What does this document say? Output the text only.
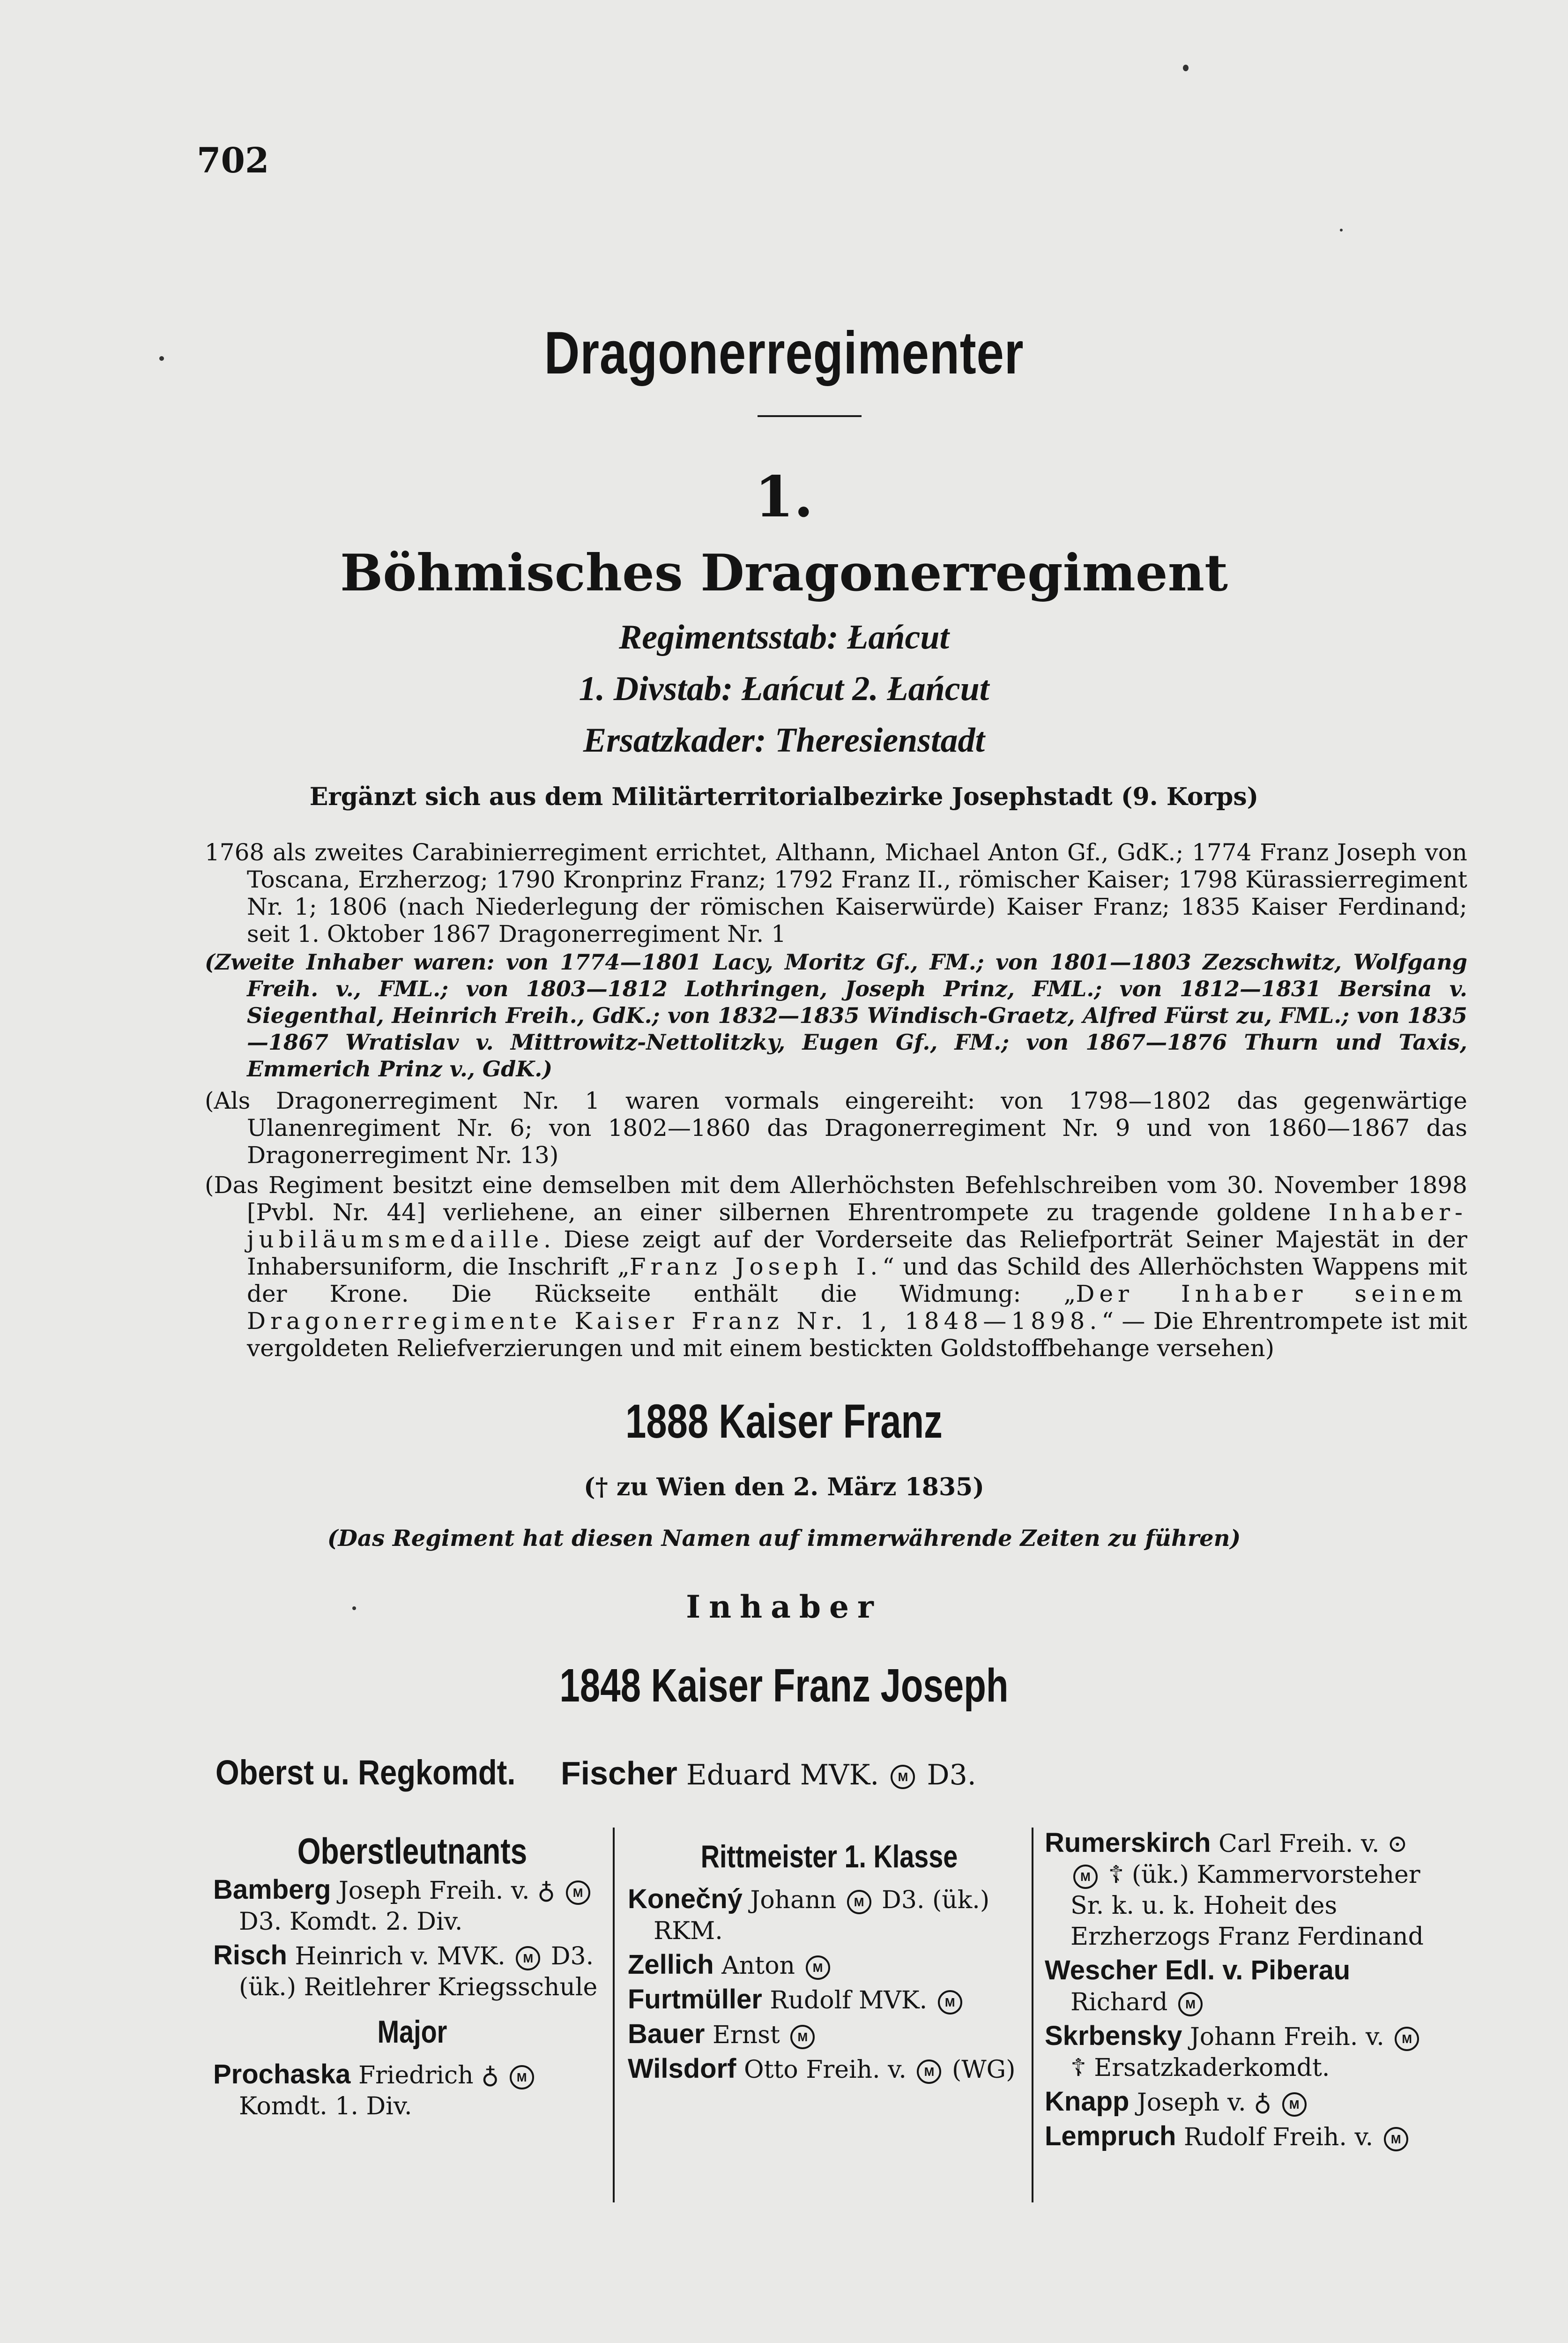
702
Dragonerregimenter
1.
Böhmisches Dragonerregiment
Regimentsstab: Łańcut
1. Divstab: Łańcut 2. Łańcut
Ersatzkader: Theresienstadt
Ergänzt sich aus dem Militärterritorialbezirke Josephstadt (9. Korps)
1768 als zweites Carabinierregiment errichtet, Althann, Michael Anton Gf., GdK.; 1774 Franz Joseph von Toscana, Erzherzog; 1790 Kronprinz Franz; 1792 Franz II., römischer Kaiser; 1798 Kürassierregiment Nr. 1; 1806 (nach Niederlegung der römischen Kaiserwürde) Kaiser Franz; 1835 Kaiser Ferdinand; seit 1. Oktober 1867 Dragonerregiment Nr. 1
(Zweite Inhaber waren: von 1774—1801 Lacy, Moritz Gf., FM.; von 1801—1803 Zezschwitz, Wolfgang Freih. v., FML.; von 1803—1812 Lothringen, Joseph Prinz, FML.; von 1812—1831 Bersina v. Siegenthal, Heinrich Freih., GdK.; von 1832—1835 Windisch-Graetz, Alfred Fürst zu, FML.; von 1835—1867 Wratislav v. Mittrowitz-Nettolitzky, Eugen Gf., FM.; von 1867—1876 Thurn und Taxis, Emmerich Prinz v., GdK.)
(Als Dragonerregiment Nr. 1 waren vormals eingereiht: von 1798—1802 das gegenwärtige Ulanenregiment Nr. 6; von 1802—1860 das Dragonerregiment Nr. 9 und von 1860—1867 das Dragonerregiment Nr. 13)
(Das Regiment besitzt eine demselben mit dem Allerhöchsten Befehlschreiben vom 30. November 1898 [Pvbl. Nr. 44] verliehene, an einer silbernen Ehrentrompete zu tragende goldene Inhaber-jubiläumsmedaille. Diese zeigt auf der Vorderseite das Reliefporträt Seiner Majestät in der Inhabersuniform, die Inschrift „Franz Joseph I.“ und das Schild des Allerhöchsten Wappens mit der Krone. Die Rückseite enthält die Widmung: „Der Inhaber seinem Dragonerregimente Kaiser Franz Nr. 1, 1848—1898.“ — Die Ehrentrompete ist mit vergoldeten Reliefverzierungen und mit einem bestickten Goldstoffbehange versehen)
1888 Kaiser Franz
(† zu Wien den 2. März 1835)
(Das Regiment hat diesen Namen auf immerwährende Zeiten zu führen)
Inhaber
1848 Kaiser Franz Joseph
Oberst u. Regkomdt. Fischer Eduard MVK. M D3.
Oberstleutnants
Bamberg Joseph Freih. v. ♁ M D3. Komdt. 2. Div.
Risch Heinrich v. MVK. M D3. (ük.) Reitlehrer Kriegsschule
Major
Prochaska Friedrich ♁ M Komdt. 1. Div.
Rittmeister 1. Klasse
Konečný Johann M D3. (ük.) RKM.
Zellich Anton M
Furtmüller Rudolf MVK. M
Bauer Ernst M
Wilsdorf Otto Freih. v. M (WG)
Rumerskirch Carl Freih. v. ⊙ M ☦ (ük.) Kammervorsteher Sr. k. u. k. Hoheit des Erzherzogs Franz Ferdinand
Wescher Edl. v. Piberau Richard M
Skrbensky Johann Freih. v. M ☦ Ersatzkaderkomdt.
Knapp Joseph v. ♁ M
Lempruch Rudolf Freih. v. M
